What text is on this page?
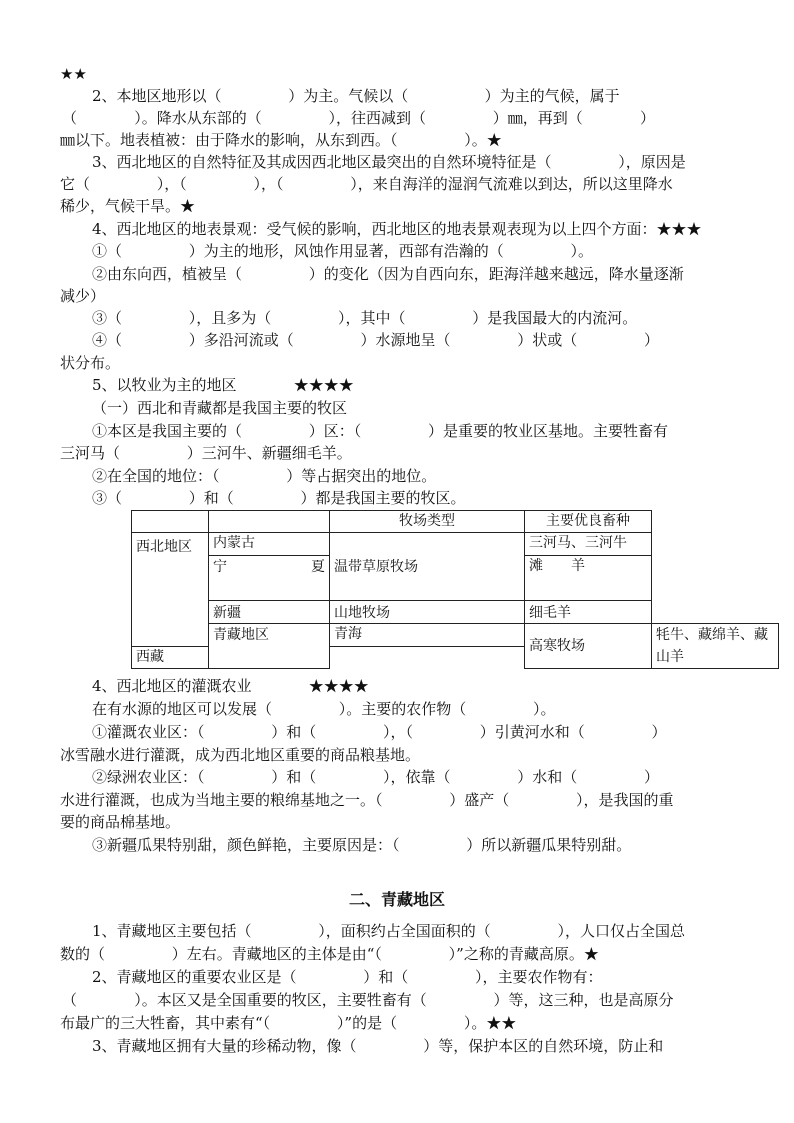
★★
2、本地区地形以（              ）为主。气候以（                ）为主的气候，属于
（            ）。降水从东部的（              ），往西减到（              ）㎜，再到（            ）
㎜以下。地表植被：由于降水的影响，从东到西。（              ）。★
3、西北地区的自然特征及其成因西北地区最突出的自然环境特征是（              ），原因是
它（              ），（              ），（              ），来自海洋的湿润气流难以到达，所以这里降水
稀少，气候干旱。★
4、西北地区的地表景观：受气候的影响，西北地区的地表景观表现为以上四个方面：★★★
①（              ）为主的地形，风蚀作用显著，西部有浩瀚的（              ）。
②由东向西，植被呈（              ）的变化（因为自西向东，距海洋越来越远，降水量逐渐
减少）
③（              ），且多为（              ），其中（              ）是我国最大的内流河。
④（              ）多沿河流或（              ）水源地呈（              ）状或（              ）
状分布。
5、以牧业为主的地区            ★★★★
（一）西北和青藏都是我国主要的牧区
①本区是我国主要的（              ）区：（              ）是重要的牧业区基地。主要牲畜有
三河马（              ）三河牛、新疆细毛羊。
②在全国的地位：（              ）等占据突出的地位。
③（              ）和（              ）都是我国主要的牧区。
4、西北地区的灌溉农业            ★★★★
在有水源的地区可以发展（              ）。主要的农作物（              ）。
①灌溉农业区：（              ）和（              ），（              ）引黄河水和（              ）
冰雪融水进行灌溉，成为西北地区重要的商品粮基地。
②绿洲农业区：（              ）和（              ），依靠（              ）水和（              ）
水进行灌溉，也成为当地主要的粮绵基地之一。（              ）盛产（              ），是我国的重
要的商品棉基地。
③新疆瓜果特别甜，颜色鲜艳，主要原因是：（              ）所以新疆瓜果特别甜。
1、青藏地区主要包括（              ），面积约占全国面积的（              ），人口仅占全国总
数的（              ）左右。青藏地区的主体是由“（              ）”之称的青藏高原。★
2、青藏地区的重要农业区是（              ）和（              ），主要农作物有：
（            ）。本区又是全国重要的牧区，主要牲畜有（              ）等，这三种，也是高原分
布最广的三大牲畜，其中素有“（              ）”的是（              ）。★★
3、青藏地区拥有大量的珍稀动物，像（              ）等，保护本区的自然环境，防止和
		牧场类型	主要优良畜种	
西北地区	内蒙古	温带草原牧场	三河马、三河牛	
	宁夏		滩羊	
	新疆	山地牧场	细毛羊	
	青藏地区	青海	高寒牧场	牦牛、藏绵羊、藏山羊
西藏				
二、青藏地区
